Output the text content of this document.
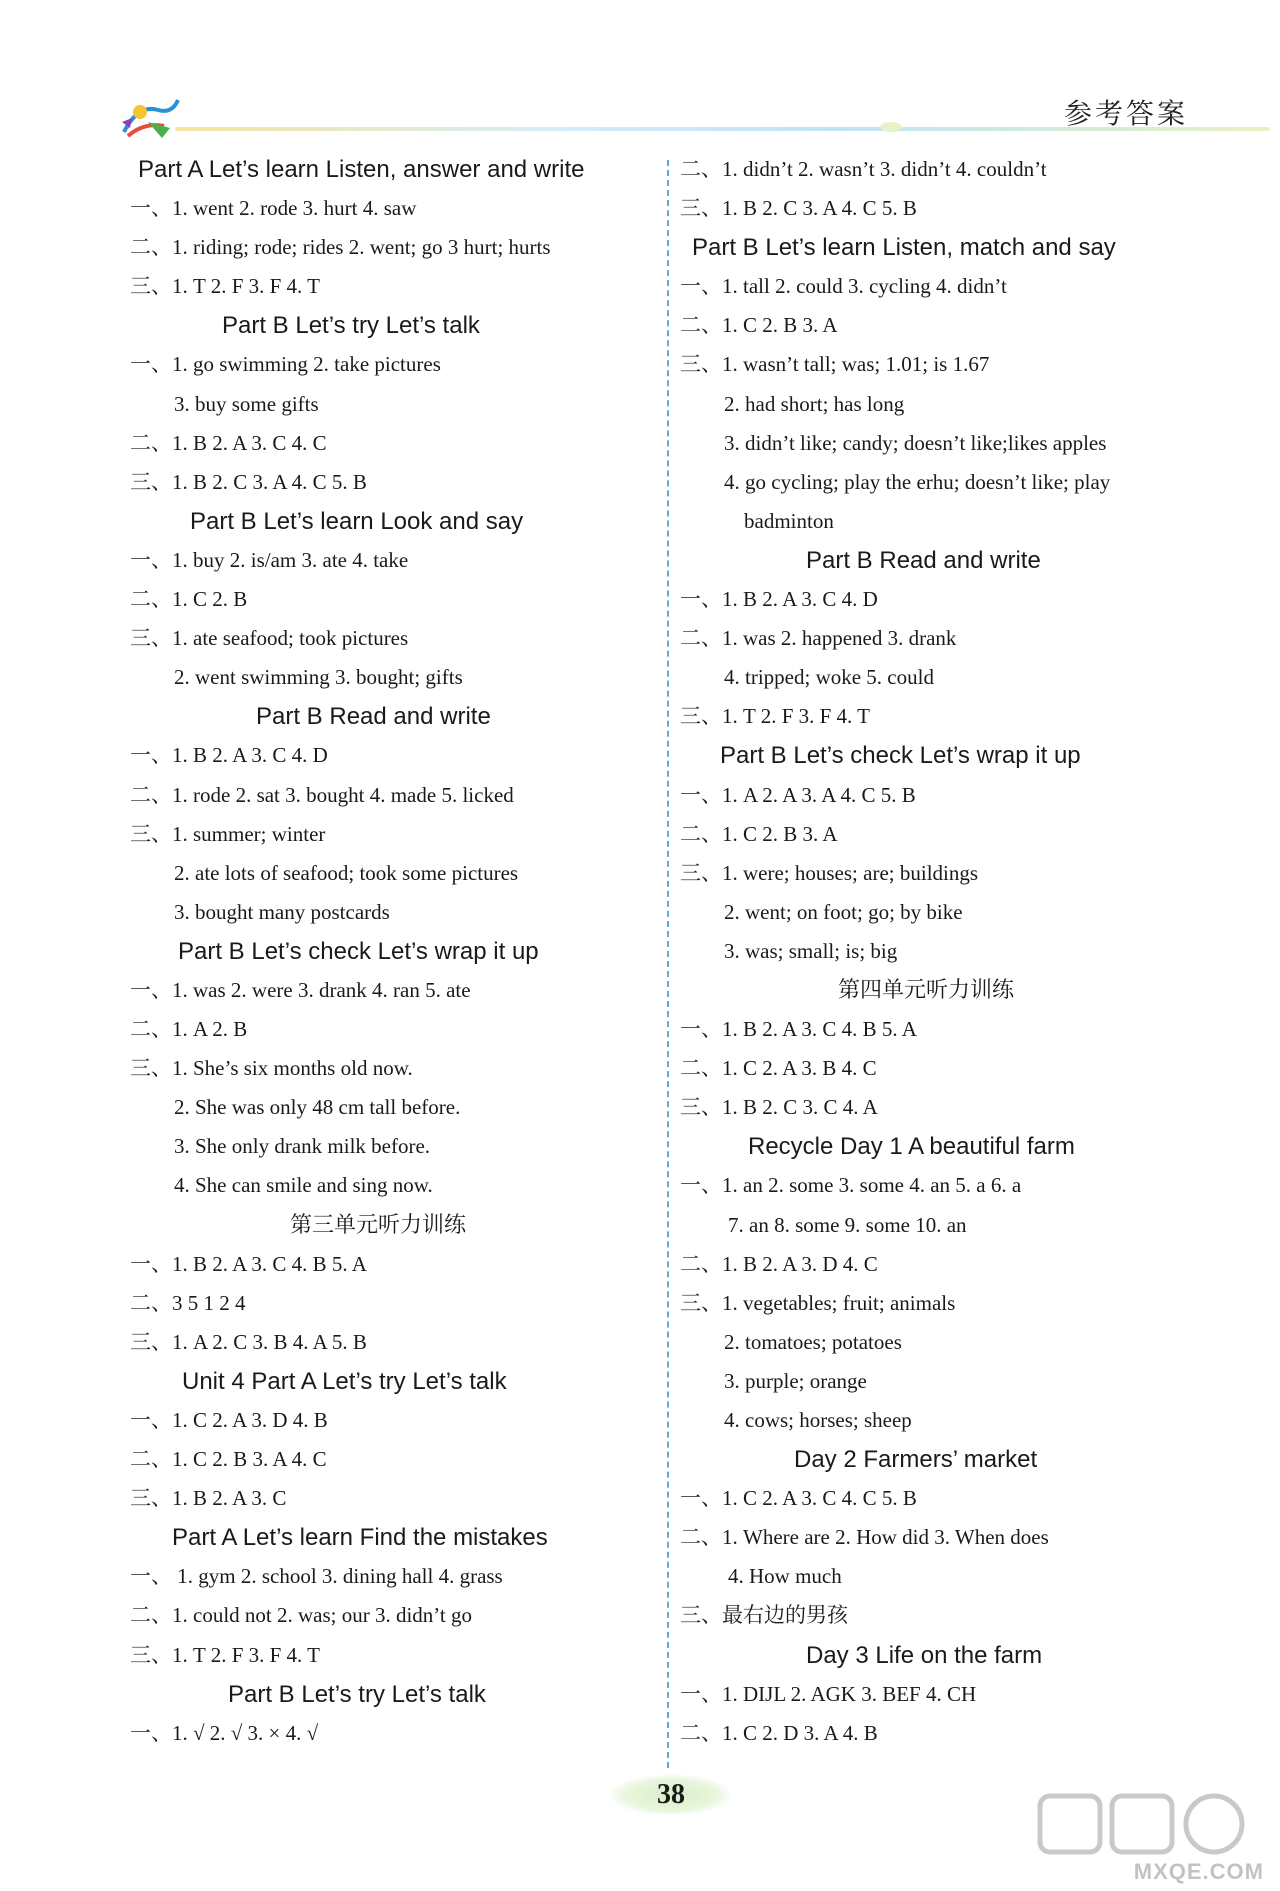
参考答案
Part A Let’s learn Listen, answer and write
一、1. went 2. rode 3. hurt 4. saw
二、1. riding; rode; rides 2. went; go 3 hurt; hurts
三、1. T 2. F 3. F 4. T
Part B Let’s try Let’s talk
一、1. go swimming 2. take pictures
3. buy some gifts
二、1. B 2. A 3. C 4. C
三、1. B 2. C 3. A 4. C 5. B
Part B Let’s learn Look and say
一、1. buy 2. is/am 3. ate 4. take
二、1. C 2. B
三、1. ate seafood; took pictures
2. went swimming 3. bought; gifts
Part B Read and write
一、1. B 2. A 3. C 4. D
二、1. rode 2. sat 3. bought 4. made 5. licked
三、1. summer; winter
2. ate lots of seafood; took some pictures
3. bought many postcards
Part B Let’s check Let’s wrap it up
一、1. was 2. were 3. drank 4. ran 5. ate
二、1. A 2. B
三、1. She’s six months old now.
2. She was only 48 cm tall before.
3. She only drank milk before.
4. She can smile and sing now.
第三单元听力训练
一、1. B 2. A 3. C 4. B 5. A
二、3 5 1 2 4
三、1. A 2. C 3. B 4. A 5. B
Unit 4 Part A Let’s try Let’s talk
一、1. C 2. A 3. D 4. B
二、1. C 2. B 3. A 4. C
三、1. B 2. A 3. C
Part A Let’s learn Find the mistakes
一、 1. gym 2. school 3. dining hall 4. grass
二、1. could not 2. was; our 3. didn’t go
三、1. T 2. F 3. F 4. T
Part B Let’s try Let’s talk
一、1. √ 2. √ 3. × 4. √
二、1. didn’t 2. wasn’t 3. didn’t 4. couldn’t
三、1. B 2. C 3. A 4. C 5. B
Part B Let’s learn Listen, match and say
一、1. tall 2. could 3. cycling 4. didn’t
二、1. C 2. B 3. A
三、1. wasn’t tall; was; 1.01; is 1.67
2. had short; has long
3. didn’t like; candy; doesn’t like;likes apples
4. go cycling; play the erhu; doesn’t like; play
badminton
Part B Read and write
一、1. B 2. A 3. C 4. D
二、1. was 2. happened 3. drank
4. tripped; woke 5. could
三、1. T 2. F 3. F 4. T
Part B Let’s check Let’s wrap it up
一、1. A 2. A 3. A 4. C 5. B
二、1. C 2. B 3. A
三、1. were; houses; are; buildings
2. went; on foot; go; by bike
3. was; small; is; big
第四单元听力训练
一、1. B 2. A 3. C 4. B 5. A
二、1. C 2. A 3. B 4. C
三、1. B 2. C 3. C 4. A
Recycle Day 1 A beautiful farm
一、1. an 2. some 3. some 4. an 5. a 6. a
7. an 8. some 9. some 10. an
二、1. B 2. A 3. D 4. C
三、1. vegetables; fruit; animals
2. tomatoes; potatoes
3. purple; orange
4. cows; horses; sheep
Day 2 Farmers’ market
一、1. C 2. A 3. C 4. C 5. B
二、1. Where are 2. How did 3. When does
4. How much
三、最右边的男孩
Day 3 Life on the farm
一、1. DIJL 2. AGK 3. BEF 4. CH
二、1. C 2. D 3. A 4. B
38
MXQE.COM
